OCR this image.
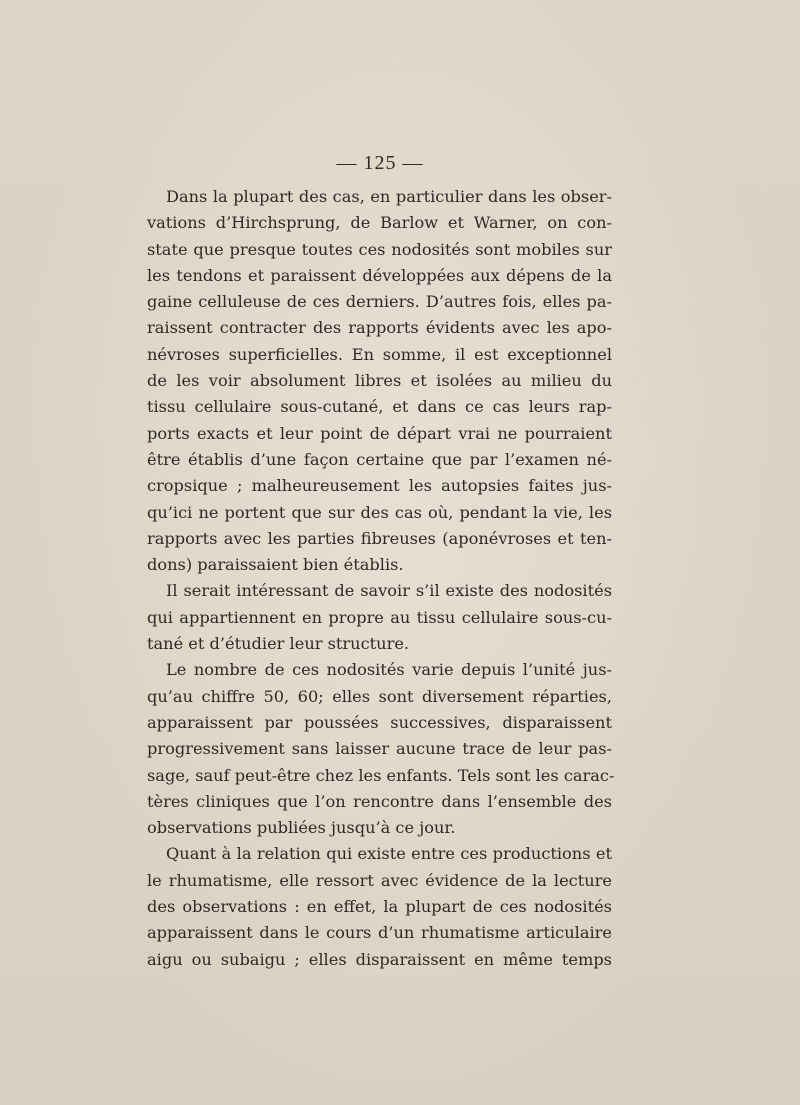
— 125 —
Dans la plupart des cas, en particulier dans les obser-
vations d’Hirchsprung, de Barlow et Warner, on con-
state que presque toutes ces nodosités sont mobiles sur
les tendons et paraissent développées aux dépens de la
gaine celluleuse de ces derniers. D’autres fois, elles pa-
raissent contracter des rapports évidents avec les apo-
névroses superficielles. En somme, il est exceptionnel
de les voir absolument libres et isolées au milieu du
tissu cellulaire sous-cutané, et dans ce cas leurs rap-
ports exacts et leur point de départ vrai ne pourraient
être établis d’une façon certaine que par l’examen né-
cropsique ; malheureusement les autopsies faites jus-
qu’ici ne portent que sur des cas où, pendant la vie, les
rapports avec les parties fibreuses (aponévroses et ten-
dons) paraissaient bien établis.
Il serait intéressant de savoir s’il existe des nodosités
qui appartiennent en propre au tissu cellulaire sous-cu-
tané et d’étudier leur structure.
Le nombre de ces nodosités varie depuis l’unité jus-
qu’au chiffre 50, 60; elles sont diversement réparties,
apparaissent par poussées successives, disparaissent
progressivement sans laisser aucune trace de leur pas-
sage, sauf peut-être chez les enfants. Tels sont les carac-
tères cliniques que l’on rencontre dans l’ensemble des
observations publiées jusqu’à ce jour.
Quant à la relation qui existe entre ces productions et
le rhumatisme, elle ressort avec évidence de la lecture
des observations : en effet, la plupart de ces nodosités
apparaissent dans le cours d’un rhumatisme articulaire
aigu ou subaigu ; elles disparaissent en même temps
